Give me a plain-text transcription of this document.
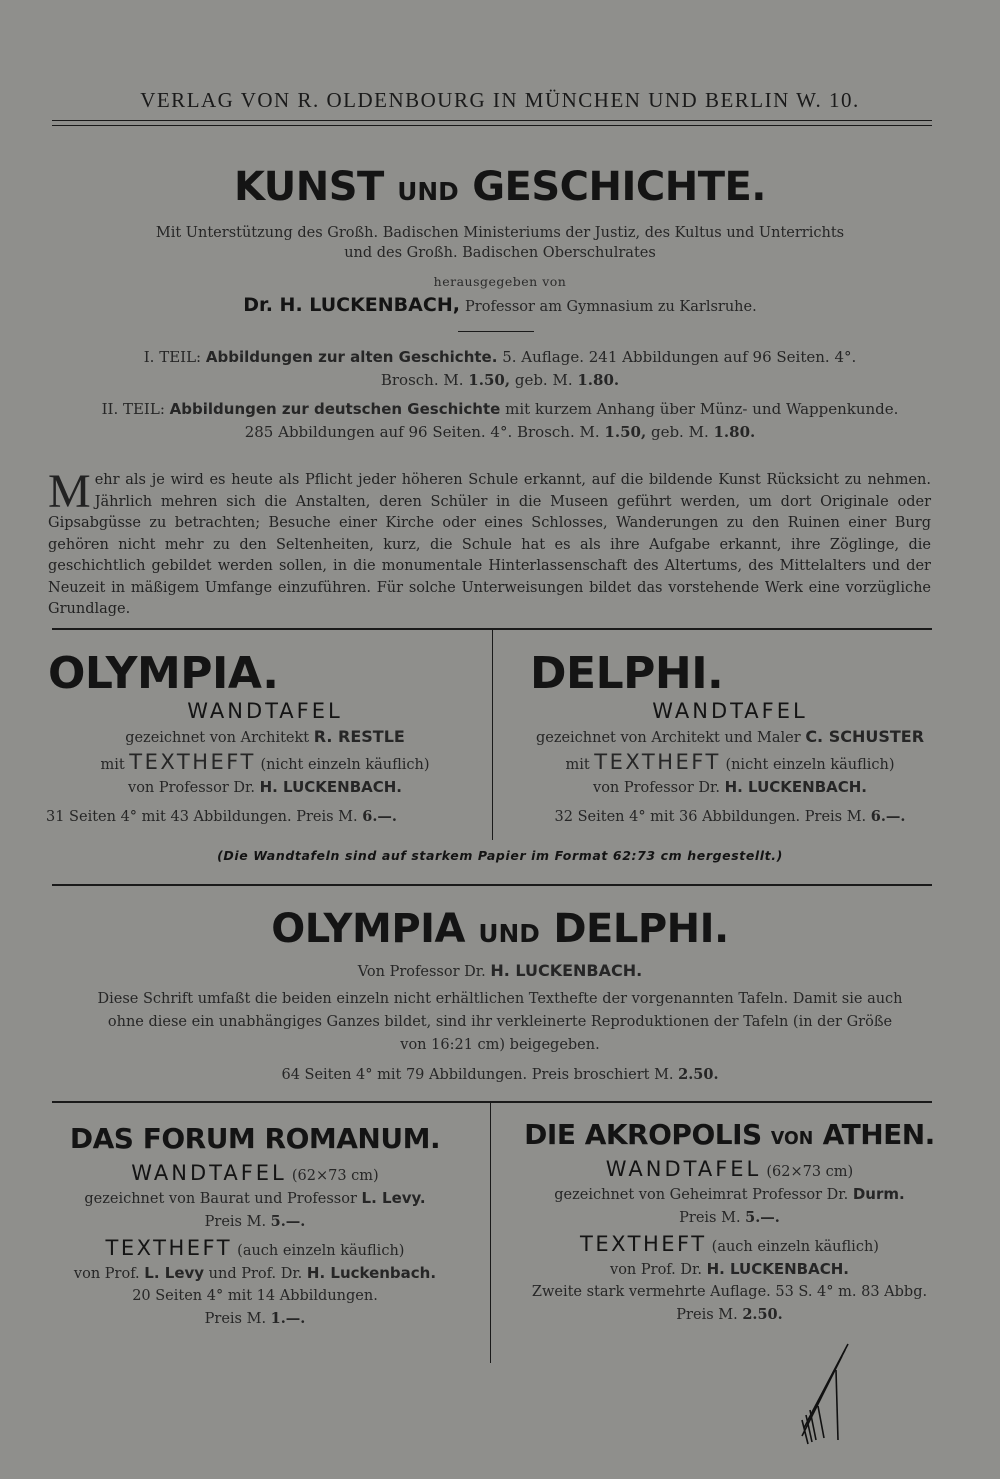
VERLAG VON R. OLDENBOURG IN MÜNCHEN UND BERLIN W. 10.
KUNST UND GESCHICHTE.
Mit Unterstützung des Großh. Badischen Ministeriums der Justiz, des Kultus und Unterrichts
und des Großh. Badischen Oberschulrates
herausgegeben von
Dr. H. LUCKENBACH, Professor am Gymnasium zu Karlsruhe.
I. TEIL: Abbildungen zur alten Geschichte. 5. Auflage. 241 Abbildungen auf 96 Seiten. 4°.
Brosch. M. 1.50, geb. M. 1.80.
II. TEIL: Abbildungen zur deutschen Geschichte mit kurzem Anhang über Münz- und Wappenkunde.
285 Abbildungen auf 96 Seiten. 4°. Brosch. M. 1.50, geb. M. 1.80.
Mehr als je wird es heute als Pflicht jeder höheren Schule erkannt, auf die bildende Kunst Rücksicht zu nehmen. Jährlich mehren sich die Anstalten, deren Schüler in die Museen geführt werden, um dort Originale oder Gipsabgüsse zu betrachten; Besuche einer Kirche oder eines Schlosses, Wanderungen zu den Ruinen einer Burg gehören nicht mehr zu den Seltenheiten, kurz, die Schule hat es als ihre Aufgabe erkannt, ihre Zöglinge, die geschichtlich gebildet werden sollen, in die monumentale Hinterlassenschaft des Altertums, des Mittelalters und der Neuzeit in mäßigem Umfange einzuführen. Für solche Unterweisungen bildet das vorstehende Werk eine vorzügliche Grundlage.
OLYMPIA.
WANDTAFEL
gezeichnet von Architekt R. RESTLE
mit TEXTHEFT (nicht einzeln käuflich)
von Professor Dr. H. LUCKENBACH.
31 Seiten 4° mit 43 Abbildungen. Preis M. 6.—.
DELPHI.
WANDTAFEL
gezeichnet von Architekt und Maler C. SCHUSTER
mit TEXTHEFT (nicht einzeln käuflich)
von Professor Dr. H. LUCKENBACH.
32 Seiten 4° mit 36 Abbildungen. Preis M. 6.—.
(Die Wandtafeln sind auf starkem Papier im Format 62:73 cm hergestellt.)
OLYMPIA UND DELPHI.
Von Professor Dr. H. LUCKENBACH.
Diese Schrift umfaßt die beiden einzeln nicht erhältlichen Texthefte der vorgenannten Tafeln. Damit sie auch
ohne diese ein unabhängiges Ganzes bildet, sind ihr verkleinerte Reproduktionen der Tafeln (in der Größe
von 16:21 cm) beigegeben.
64 Seiten 4° mit 79 Abbildungen. Preis broschiert M. 2.50.
DAS FORUM ROMANUM.
WANDTAFEL (62×73 cm)
gezeichnet von Baurat und Professor L. Levy.
Preis M. 5.—.
TEXTHEFT (auch einzeln käuflich)
von Prof. L. Levy und Prof. Dr. H. Luckenbach.
20 Seiten 4° mit 14 Abbildungen.
Preis M. 1.—.
DIE AKROPOLIS VON ATHEN.
WANDTAFEL (62×73 cm)
gezeichnet von Geheimrat Professor Dr. Durm.
Preis M. 5.—.
TEXTHEFT (auch einzeln käuflich)
von Prof. Dr. H. LUCKENBACH.
Zweite stark vermehrte Auflage. 53 S. 4° m. 83 Abbg.
Preis M. 2.50.
